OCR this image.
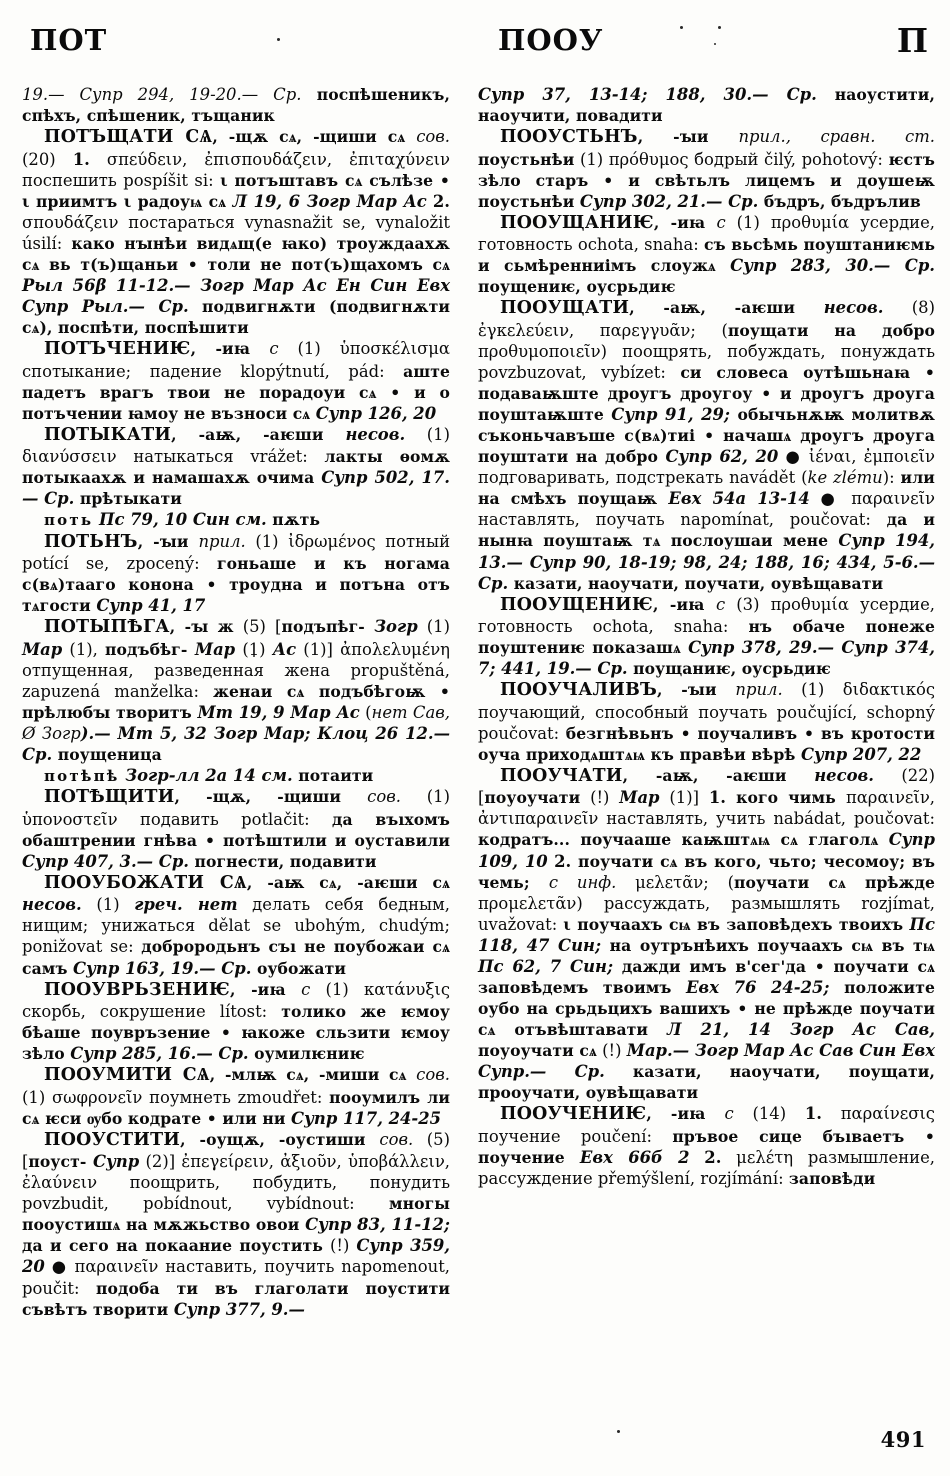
ПОТ	ПООУ	П

19.— Супр 294, 19-20.— Ср. поспѣшеникъ, спѣхъ, спѣшеник, тъщаник

ПОТЪЩАТИ СѦ, -щѫ сѧ, -щиши сѧ сов. (20) 1. σπεύδειν, ἐπισπουδάζειν, ἐπιταχύνειν поспешить pospíšit si: ι потъштавъ сѧ сълѣзе • ι приимтъ ι радоуѩ сѧ Л 19, 6 Зогр Мар Ас 2. σπουδάζειν постараться vynasnažit se, vynaložit úsilí: како нꙑнѣи видѧщ(е ꙗко) троуждаахѫ сѧ вь т(ъ)щаньи • толи не пот(ъ)щахомъ сѧ Рыл 56β 11-12.— Зогр Мар Ас Ен Син Евх Супр Рыл.— Ср. подвигнѫти (подвигнѫти сѧ), поспѣти, поспѣшити

ПОТЪЧЕНИѤ, -иꙗ с (1) ὑποσκέλισμα спотыкание; падение klopýtnutí, pád: аште падетъ врагъ твои не порадоуи сѧ • и о потъчении ꙗмоу не възноси сѧ Супр 126, 20

ПОТЫКАТИ, -аѭ, -аѥши несов. (1) διανύσσειν натыкаться vrážet: лакты ѳомѫ потыкаахѫ и намашахѫ очима Супр 502, 17.— Ср. прѣтыкати

поть Пс 79, 10 Син см. пѫть

ПОТЬНЪ, -ꙑи прил. (1) ἰδρωμένος потный potící se, zpocený: гоньаше и къ ногама с(вѧ)тааго конона • троудна и потъна отъ тѧгости Супр 41, 17

ПОТЫПѢГА, -ꙑ ж (5) [подъпѣг- Зогр (1) Мар (1), подъбѣг- Мар (1) Ас (1)] ἀπολελυμένη отпущенная, разведенная жена propuštěná, zapuzená manželka: женаи сѧ подъбѣгоѭ • прѣлюбꙑ творитъ Мт 19, 9 Мар Ас (нет Сав, Ø Зогр).— Мт 5, 32 Зогр Мар; Клоц 26 12.— Ср. поущеница

потѣпѣ Зогр-лл 2а 14 см. потаити

ПОТѢЩИТИ, -щѫ, -щиши сов. (1) ὑπονοστεῖν подавить potlačit: да въıхомъ обаштрении гнѣва • потѣштили и оуставили Супр 407, 3.— Ср. погнести, подавити

ПООУБОЖАТИ СѦ, -аѭ сѧ, -аѥши сѧ несов. (1) греч. нет делать себя бедным, нищим; унижаться dělat se ubohým, chudým; ponižovat se: доброродьнъ съı не поубожаи сѧ самъ Супр 163, 19.— Ср. оубожати

ПООУВРЬЗЕНИѤ, -иꙗ с (1) κατάνυξις скорбь, сокрушение lítost: толико же ѥмоу бѣаше поувръзение • ꙗкоже сльзити ѥмоу зѣло Супр 285, 16.— Ср. оумилѥниѥ

ПООУМИТИ СѦ, -млѭ сѧ, -миши сѧ сов. (1) σωφρονεῖν поумнеть zmoudřet: пооумилъ ли сѧ ѥси ѹбо кодрате • или ни Супр 117, 24-25

ПООУСТИТИ, -оущѫ, -оустиши сов. (5) [поуст- Супр (2)] ἐπεγείρειν, ἀξιοῦν, ὑποβάλλειν, ἐλαύνειν поощрить, побудить, понудить povzbudit, pobídnout, vybídnout: многы пооустишѧ на мѫжьство овои Супр 83, 11-12; да и сего на покаание поустить (!) Супр 359, 20 ● παραινεῖν наставить, поучить napomenout, poučit: подоба ти въ глаголати поустити съвѣтъ творити Супр 377, 9.—

Супр 37, 13-14; 188, 30.— Ср. наоустити, наоучити, повадити

ПООУСТЬНЪ, -ꙑи прил., сравн. ст. поустьнѣи (1) πρόθυμος бодрый čilý, pohotový: ѥстъ зѣло старъ • и свѣтьлъ лицемъ и доушеѭ поустьнѣи Супр 302, 21.— Ср. бъдръ, бъдрълив

ПООУЩАНИѤ, -иꙗ с (1) προθυμία усердие, готовность ochota, snaha: съ вьсѣмь поуштаниѥмь и сьмѣренниімъ слоужѧ Супр 283, 30.— Ср. поущениѥ, оусрьдиѥ

ПООУЩАТИ, -аѭ, -аѥши несов. (8) ἐγκελεύειν, παρεγγυᾶν; (поущати на добро προθυμοποιεῖν) поощрять, побуждать, понуждать povzbuzovat, vybízet: си словеса оутѣшьнаꙗ • подаваѭште дроугъ дроугоу • и дроугъ дроуга поуштаѭште Супр 91, 29; обычьнѫѭ молитвѫ съконьчавъше с(вѧ)тиі • начашѧ дроугъ дроуга поуштати на добро Супр 62, 20 ● ἰέναι, ἐμποιεῖν подговаривать, подстрекать navádět (ke zlému): или на смѣхъ поущаѭ Евх 54а 13-14 ● παραινεῖν наставлять, поучать napomínat, poučovat: да и нынꙗ поуштаѭ тѧ послоушаи мене Супр 194, 13.— Супр 90, 18-19; 98, 24; 188, 16; 434, 5-6.— Ср. казати, наоучати, поучати, оувѣщавати

ПООУЩЕНИѤ, -иꙗ с (3) προθυμία усердие, готовность ochota, snaha: нъ обаче понеже поуштениѥ показашѧ Супр 378, 29.— Супр 374, 7; 441, 19.— Ср. поущаниѥ, оусрьдиѥ

ПООУЧАЛИВЪ, -ꙑи прил. (1) διδακτικός поучающий, способный поучать poučující, schopný poučovat: безгнѣвьнъ • поучаливъ • въ кротости оуча приходѧштѧѩ къ правѣи вѣрѣ Супр 207, 22

ПООУЧАТИ, -аѭ, -аѥши несов. (22) [поуоучати (!) Мар (1)] 1. кого чимь παραινεῖν, ἀντιπαραινεῖν наставлять, учить nabádat, poučovat: кодратъ... поучааше каѭштѧѩ сѧ глаголѧ Супр 109, 10 2. поучати сѧ въ кого, чьто; чесомоу; въ чемь; с инф. μελετᾶν; (поучати сѧ прѣжде προμελετᾶν) рассуждать, размышлять rozjímat, uvažovat: ι поучаахъ сѩ въ заповѣдехъ твоихъ Пс 118, 47 Син; на оутрънѣихъ поучаахъ сѩ въ тѩ Пс 62, 7 Син; дажди имъ в'сег'да • поучати сѧ заповѣдемъ твоимъ Евх 76 24-25; положите оубо на срьдьцихъ вашихъ • не прѣжде поучати сѧ отъвѣштавати Л 21, 14 Зогр Ас Сав, поуоучати сѧ (!) Мар.— Зогр Мар Ас Сав Син Евх Супр.— Ср. казати, наоучати, поущати, прооучати, оувѣщавати

ПООУЧЕНИѤ, -иꙗ с (14) 1. παραίνεσις поучение poučení: пръвое сице бъıваетъ • поучение Евх 66б 2 2. μελέτη размышление, рассуждение přemýšlení, rozjímání: заповѣди

491
